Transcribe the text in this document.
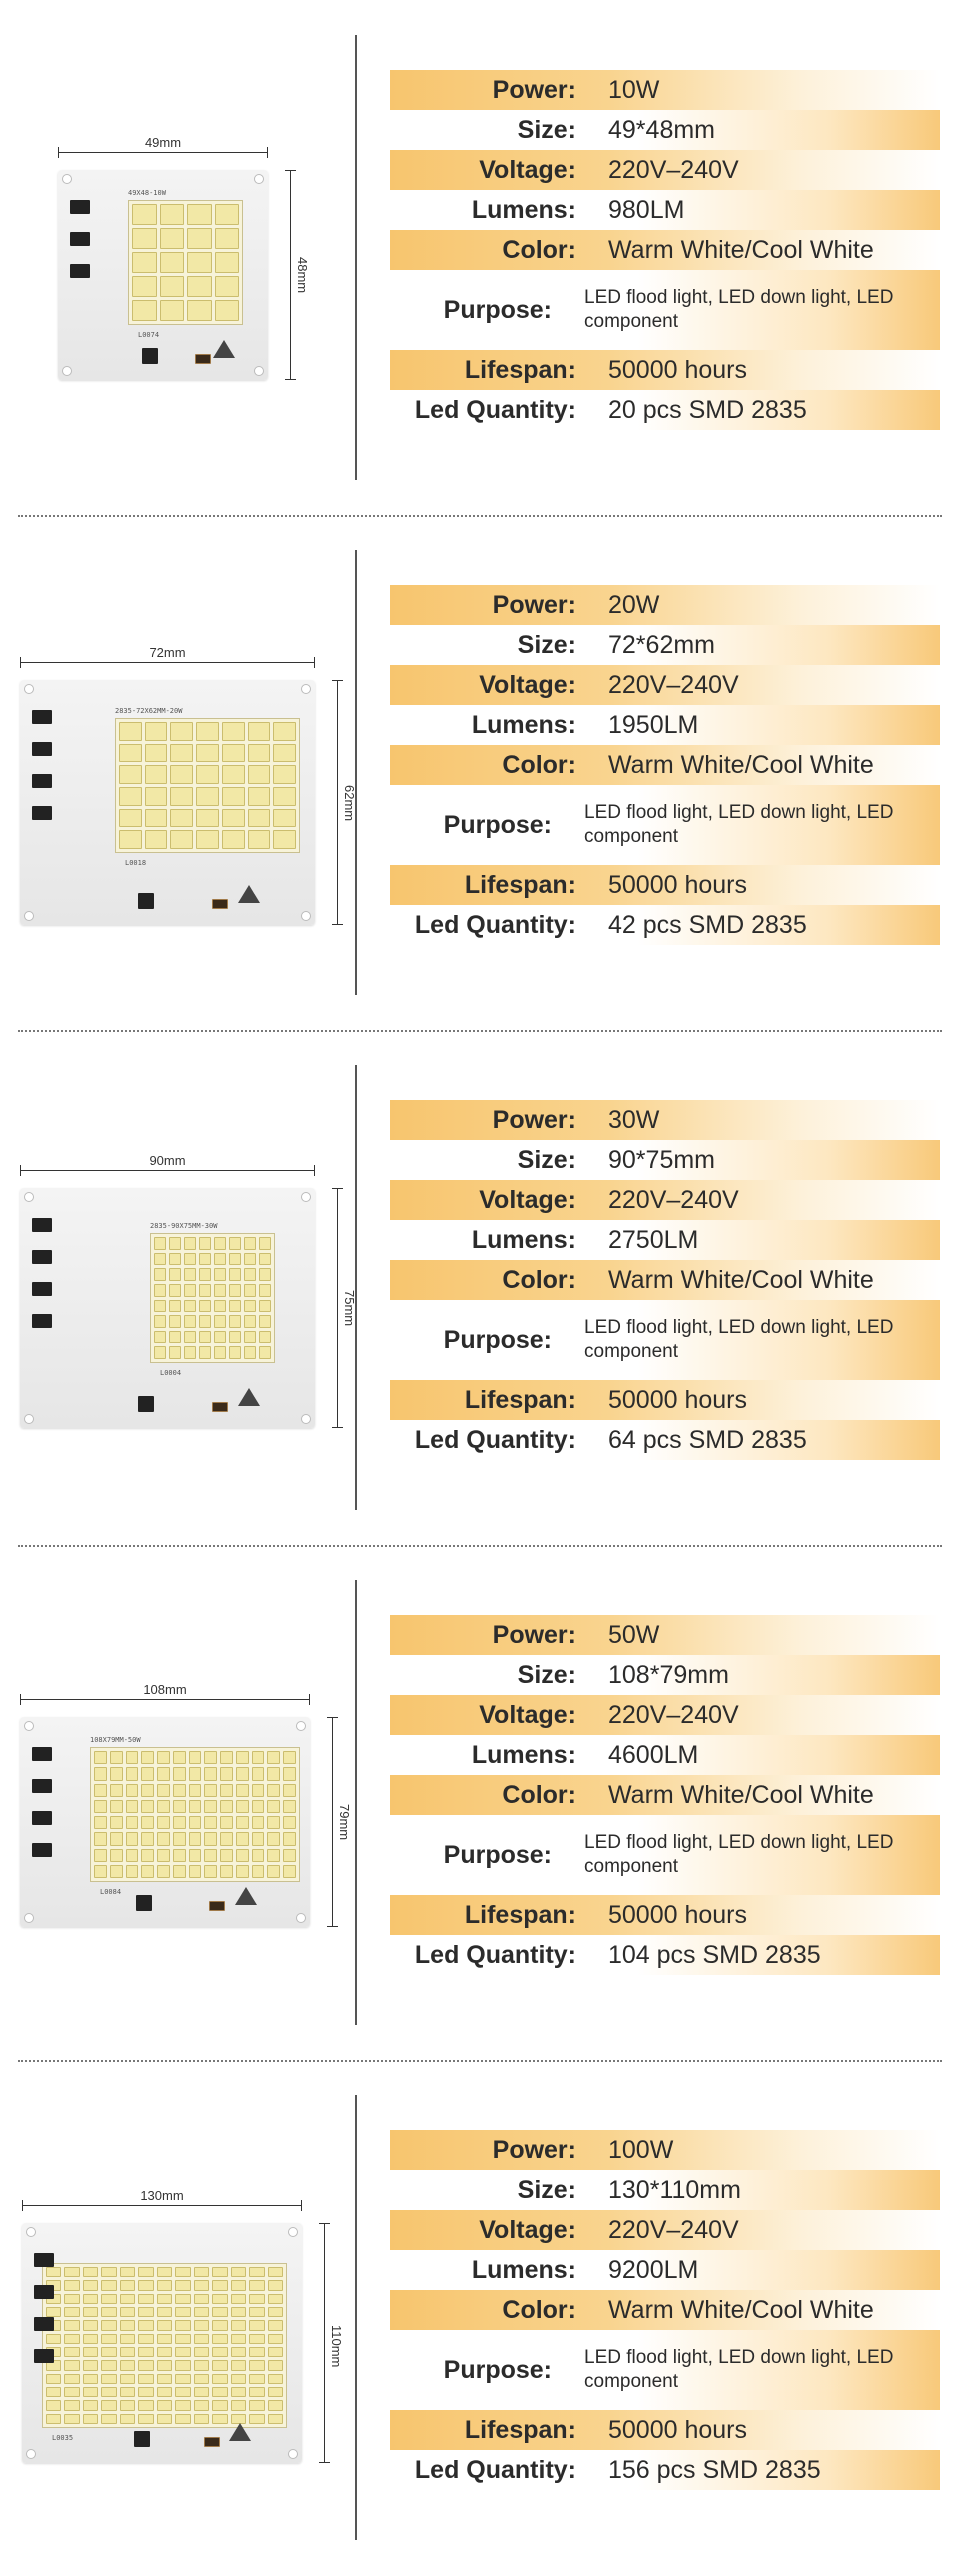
49mm
48mm
49X48-10W
L0074
Power:	10W
Size:	49*48mm
Voltage:	220V–240V
Lumens:	980LM
Color:	Warm White/Cool White
Purpose:	LED flood light, LED down light, LED component
Lifespan:	50000 hours
Led Quantity:	20 pcs SMD 2835
72mm
62mm
2835-72X62MM-20W
L0018
Power:	20W
Size:	72*62mm
Voltage:	220V–240V
Lumens:	1950LM
Color:	Warm White/Cool White
Purpose:	LED flood light, LED down light, LED component
Lifespan:	50000 hours
Led Quantity:	42 pcs SMD 2835
90mm
75mm
2835-90X75MM-30W
L0004
Power:	30W
Size:	90*75mm
Voltage:	220V–240V
Lumens:	2750LM
Color:	Warm White/Cool White
Purpose:	LED flood light, LED down light, LED component
Lifespan:	50000 hours
Led Quantity:	64 pcs SMD 2835
108mm
79mm
108X79MM-50W
L0084
Power:	50W
Size:	108*79mm
Voltage:	220V–240V
Lumens:	4600LM
Color:	Warm White/Cool White
Purpose:	LED flood light, LED down light, LED component
Lifespan:	50000 hours
Led Quantity:	104 pcs SMD 2835
130mm
110mm
L0035
Power:	100W
Size:	130*110mm
Voltage:	220V–240V
Lumens:	9200LM
Color:	Warm White/Cool White
Purpose:	LED flood light, LED down light, LED component
Lifespan:	50000 hours
Led Quantity:	156 pcs SMD 2835
